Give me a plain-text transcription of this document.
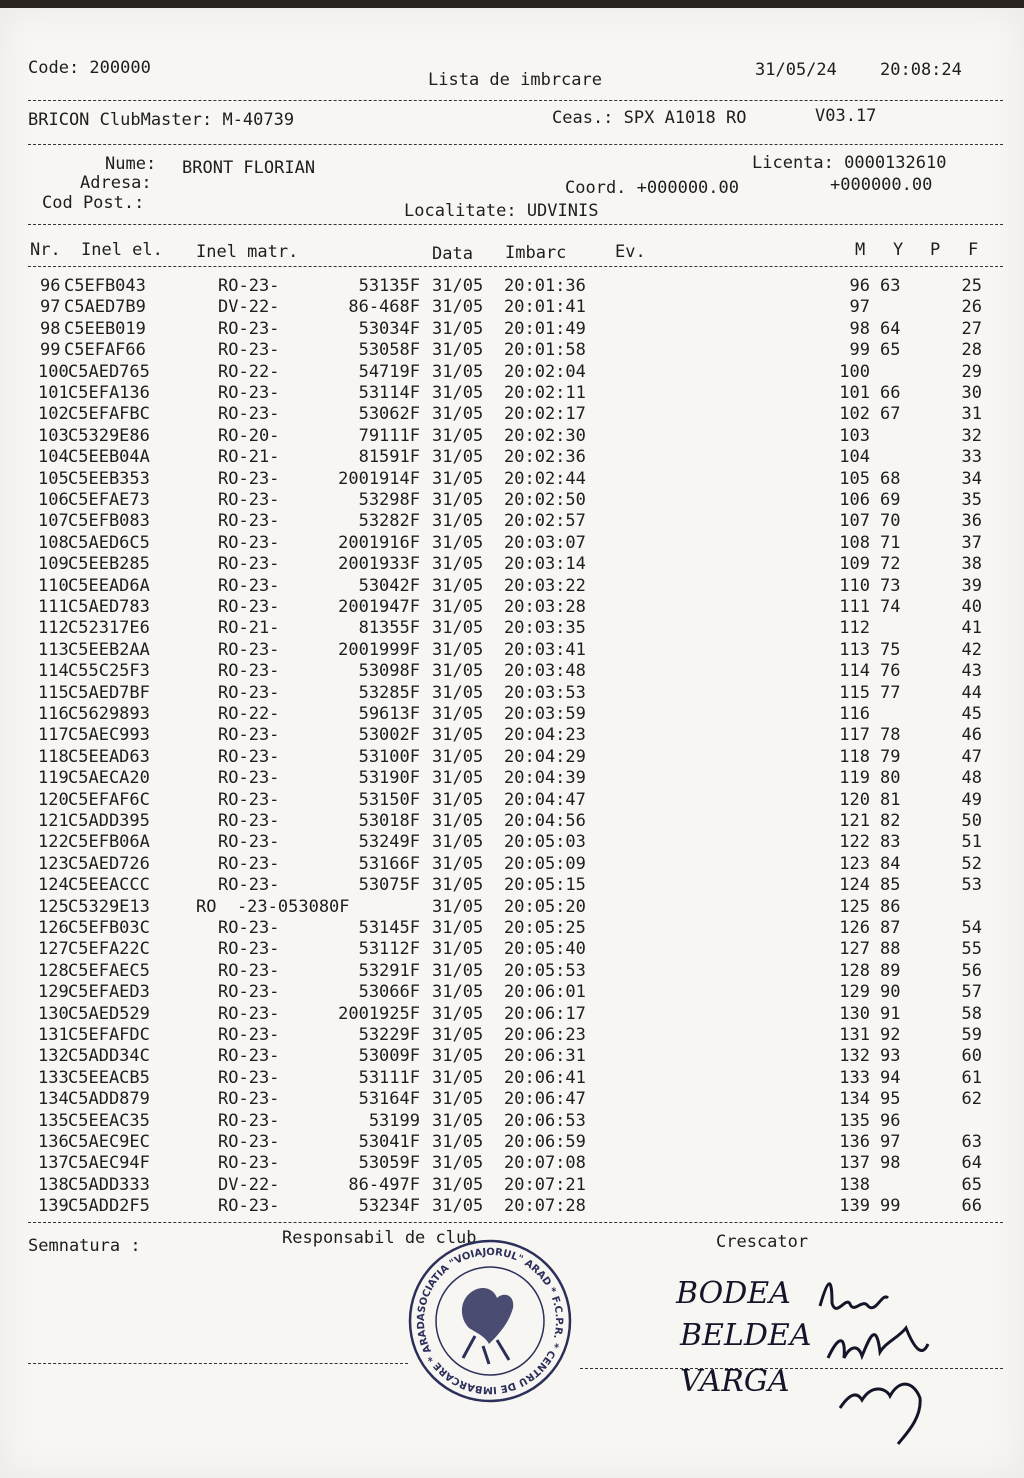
Code: 200000
Lista de imbrcare	31/05/24	20:08:24
BRICON ClubMaster: M-40739	Ceas.: SPX A1018 RO	V03.17
Nume: BRONT FLORIAN
Adresa:
Cod Post.:
Licenta: 0000132610
Coord. +000000.00	+000000.00
Localitate: UDVINIS
Nr. Inel el. Inel matr.	Data Imbarc	Ev.	M Y P F
96 C5EFB043	RO-23-	53135F 31/05 20:01:36	96 63	25
97 C5AED7B9	DV-22-	86-468F 31/05 20:01:41	97	26
98 C5EEB019	RO-23-	53034F 31/05 20:01:49	98 64	27
99 C5EFAF66	RO-23-	53058F 31/05 20:01:58	99 65	28
100 C5AED765	RO-22-	54719F 31/05 20:02:04	100	29
101 C5EFA136	RO-23-	53114F 31/05 20:02:11	101 66	30
102 C5EFAFBC	RO-23-	53062F 31/05 20:02:17	102 67	31
103 C5329E86	RO-20-	79111F 31/05 20:02:30	103	32
104 C5EEB04A	RO-21-	81591F 31/05 20:02:36	104	33
105 C5EEB353	RO-23-	2001914F 31/05 20:02:44	105 68	34
106 C5EFAE73	RO-23-	53298F 31/05 20:02:50	106 69	35
107 C5EFB083	RO-23-	53282F 31/05 20:02:57	107 70	36
108 C5AED6C5	RO-23-	2001916F 31/05 20:03:07	108 71	37
109 C5EEB285	RO-23-	2001933F 31/05 20:03:14	109 72	38
110 C5EEAD6A	RO-23-	53042F 31/05 20:03:22	110 73	39
111 C5AED783	RO-23-	2001947F 31/05 20:03:28	111 74	40
112 C52317E6	RO-21-	81355F 31/05 20:03:35	112	41
113 C5EEB2AA	RO-23-	2001999F 31/05 20:03:41	113 75	42
114 C55C25F3	RO-23-	53098F 31/05 20:03:48	114 76	43
115 C5AED7BF	RO-23-	53285F 31/05 20:03:53	115 77	44
116 C5629893	RO-22-	59613F 31/05 20:03:59	116	45
117 C5AEC993	RO-23-	53002F 31/05 20:04:23	117 78	46
118 C5EEAD63	RO-23-	53100F 31/05 20:04:29	118 79	47
119 C5AECA20	RO-23-	53190F 31/05 20:04:39	119 80	48
120 C5EFAF6C	RO-23-	53150F 31/05 20:04:47	120 81	49
121 C5ADD395	RO-23-	53018F 31/05 20:04:56	121 82	50
122 C5EFB06A	RO-23-	53249F 31/05 20:05:03	122 83	51
123 C5AED726	RO-23-	53166F 31/05 20:05:09	123 84	52
124 C5EEACCC	RO-23-	53075F 31/05 20:05:15	124 85	53
125 C5329E13	RO  -23-053080F	31/05 20:05:20	125 86
126 C5EFB03C	RO-23-	53145F 31/05 20:05:25	126 87	54
127 C5EFA22C	RO-23-	53112F 31/05 20:05:40	127 88	55
128 C5EFAEC5	RO-23-	53291F 31/05 20:05:53	128 89	56
129 C5EFAED3	RO-23-	53066F 31/05 20:06:01	129 90	57
130 C5AED529	RO-23-	2001925F 31/05 20:06:17	130 91	58
131 C5EFAFDC	RO-23-	53229F 31/05 20:06:23	131 92	59
132 C5ADD34C	RO-23-	53009F 31/05 20:06:31	132 93	60
133 C5EEACB5	RO-23-	53111F 31/05 20:06:41	133 94	61
134 C5ADD879	RO-23-	53164F 31/05 20:06:47	134 95	62
135 C5EEAC35	RO-23-	53199 31/05 20:06:53	135 96
136 C5AEC9EC	RO-23-	53041F 31/05 20:06:59	136 97	63
137 C5AEC94F	RO-23-	53059F 31/05 20:07:08	137 98	64
138 C5ADD333	DV-22-	86-497F 31/05 20:07:21	138	65
139 C5ADD2F5	RO-23-	53234F 31/05 20:07:28	139 99	66
Semnatura :	Responsabil de club	Crescator
ASOCIATIA "VOIAJORUL" ARAD * F.C.P.R. * CENTRU DE IMBARCARE * ARAD
BODEA
BELDEA
VARGA
